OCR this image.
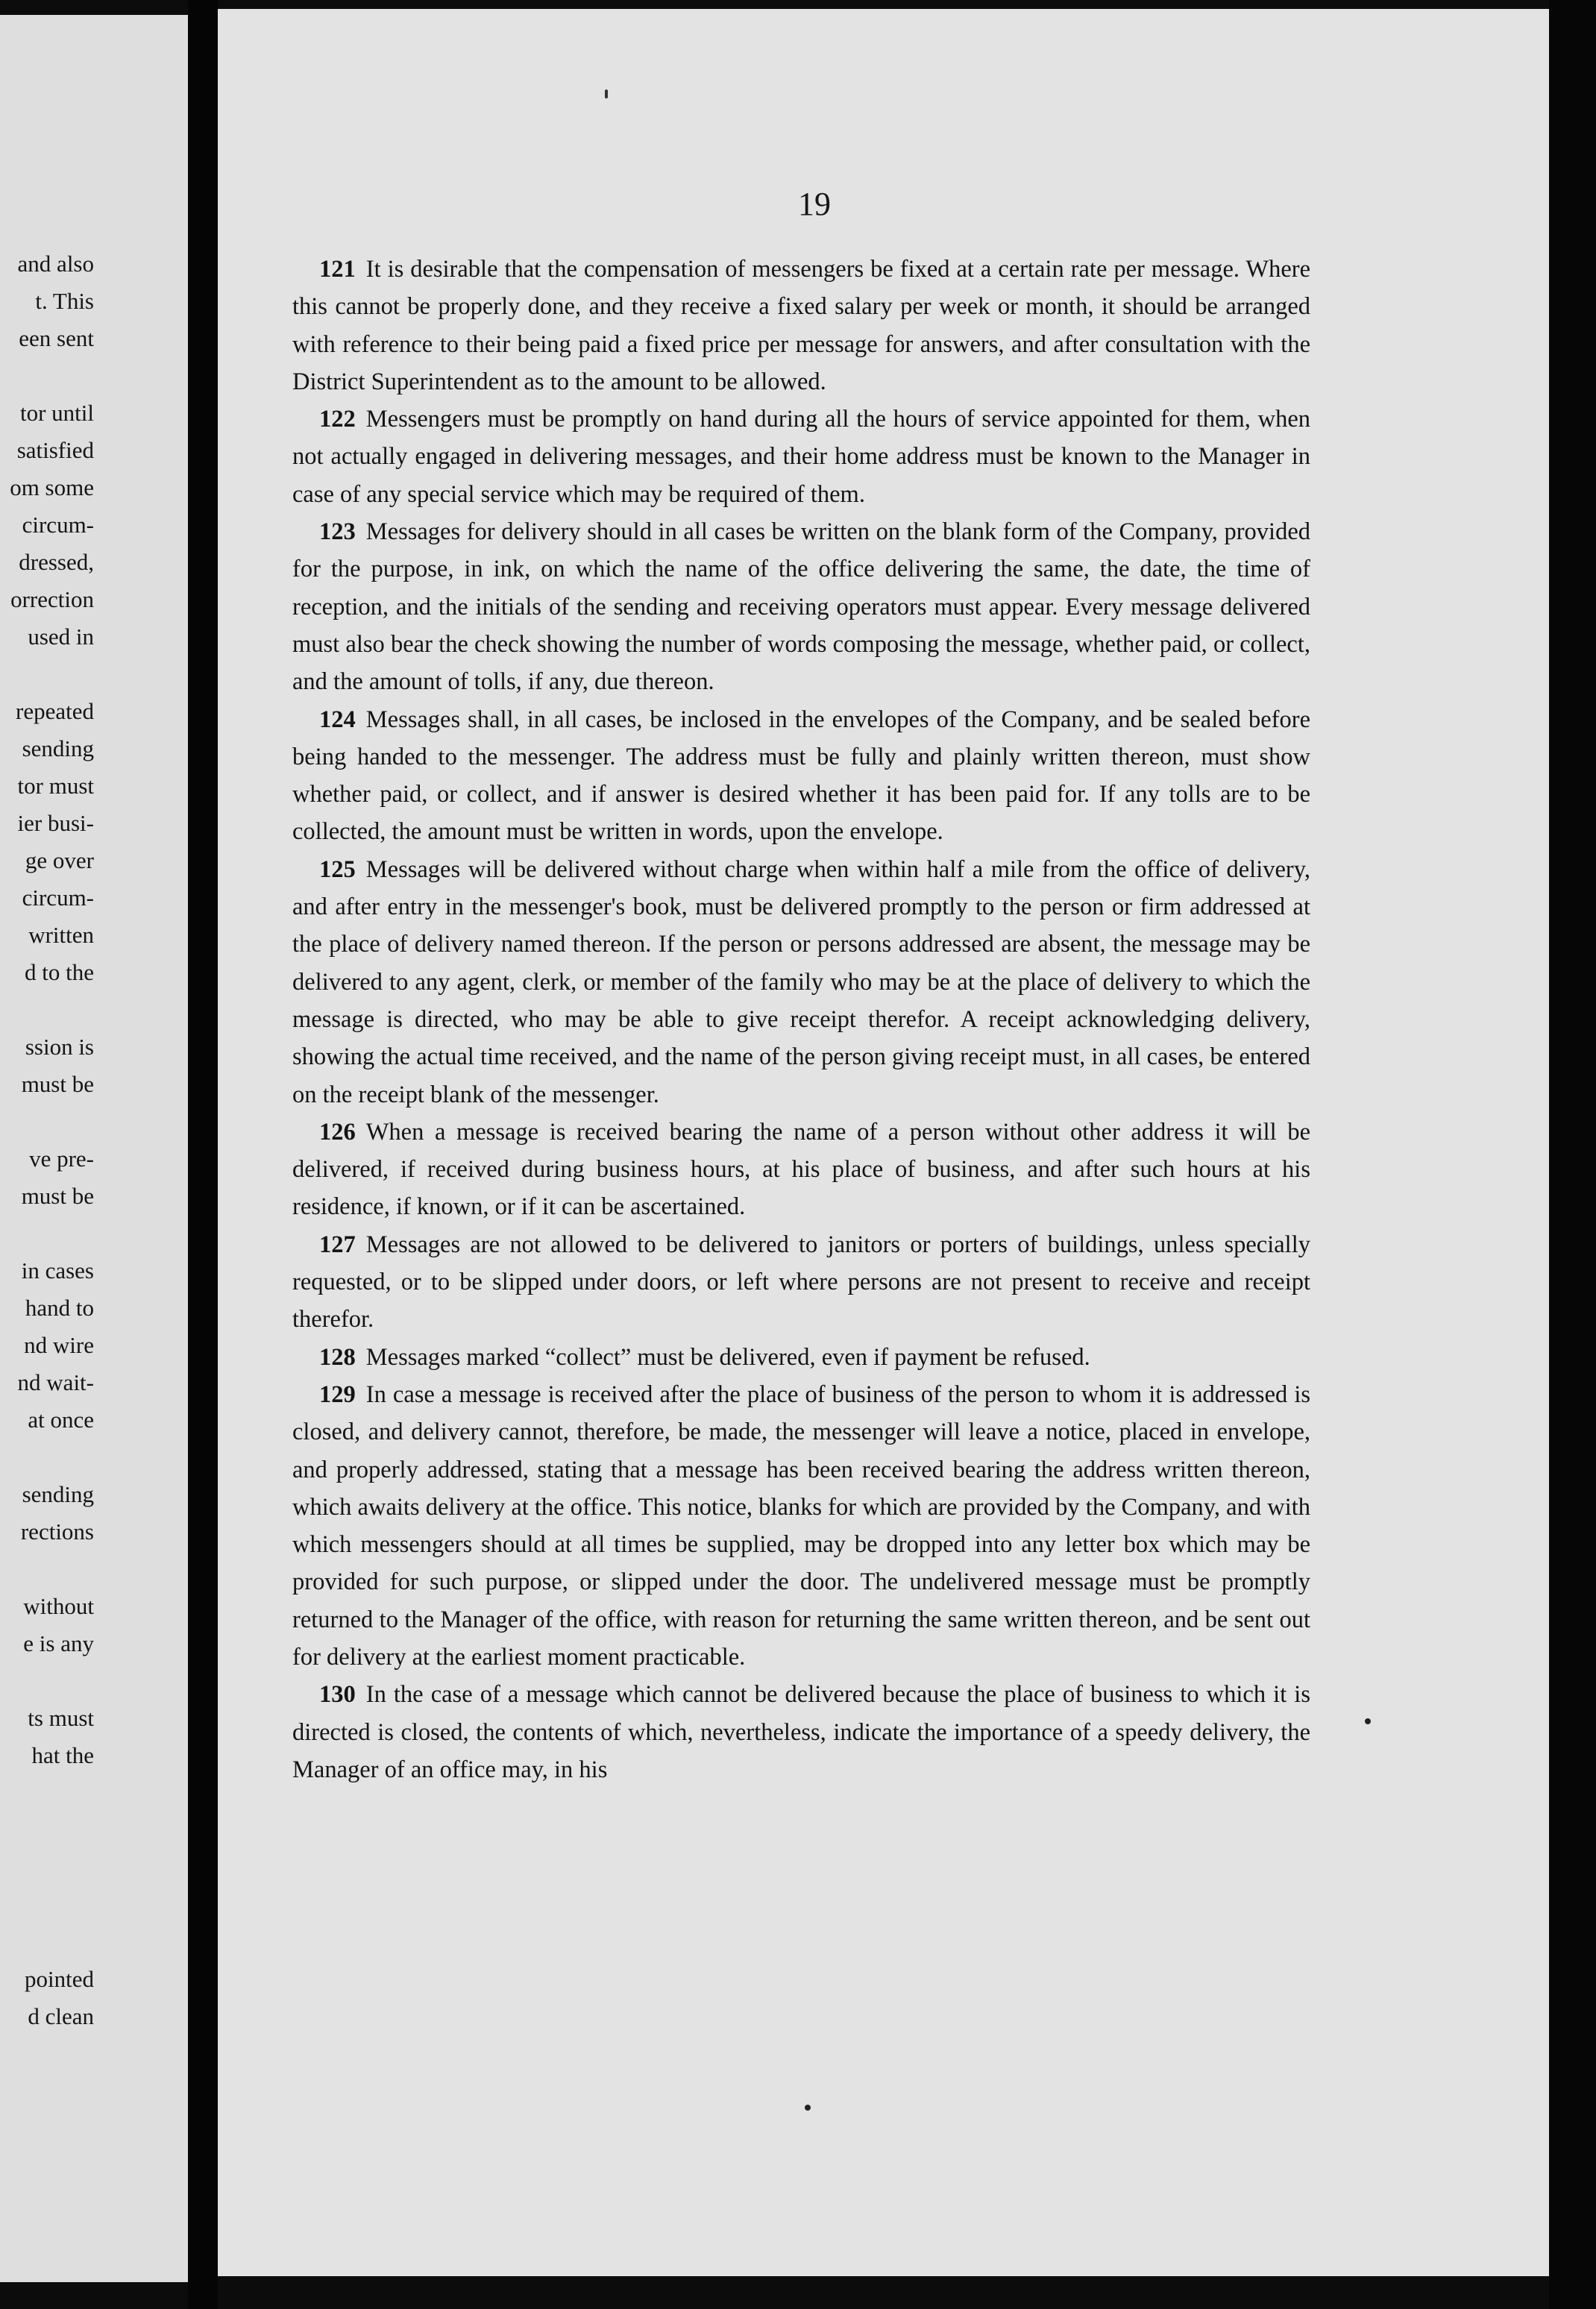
and also
t. This
een sent
tor until
satisfied
om some
circum-
dressed,
orrection
used in
repeated
sending
tor must
ier busi-
ge over
circum-
written
d to the
ssion is
must be
ve pre-
must be
in cases
hand to
nd wire
nd wait-
at once
sending
rections
without
e is any
ts must
hat the
pointed
d clean
19

121 It is desirable that the compensation of messengers be fixed at a certain rate per message. Where this cannot be properly done, and they receive a fixed salary per week or month, it should be arranged with reference to their being paid a fixed price per message for answers, and after consultation with the District Superintendent as to the amount to be allowed.

122 Messengers must be promptly on hand during all the hours of service appointed for them, when not actually engaged in delivering messages, and their home address must be known to the Manager in case of any special service which may be required of them.

123 Messages for delivery should in all cases be written on the blank form of the Company, provided for the purpose, in ink, on which the name of the office delivering the same, the date, the time of reception, and the initials of the sending and receiving operators must appear. Every message delivered must also bear the check showing the number of words composing the message, whether paid, or collect, and the amount of tolls, if any, due thereon.

124 Messages shall, in all cases, be inclosed in the envelopes of the Company, and be sealed before being handed to the messenger. The address must be fully and plainly written thereon, must show whether paid, or collect, and if answer is desired whether it has been paid for. If any tolls are to be collected, the amount must be written in words, upon the envelope.

125 Messages will be delivered without charge when within half a mile from the office of delivery, and after entry in the messenger's book, must be delivered promptly to the person or firm addressed at the place of delivery named thereon. If the person or persons addressed are absent, the message may be delivered to any agent, clerk, or member of the family who may be at the place of delivery to which the message is directed, who may be able to give receipt therefor. A receipt acknowledging delivery, showing the actual time received, and the name of the person giving receipt must, in all cases, be entered on the receipt blank of the messenger.

126 When a message is received bearing the name of a person without other address it will be delivered, if received during business hours, at his place of business, and after such hours at his residence, if known, or if it can be ascertained.

127 Messages are not allowed to be delivered to janitors or porters of buildings, unless specially requested, or to be slipped under doors, or left where persons are not present to receive and receipt therefor.

128 Messages marked “collect” must be delivered, even if payment be refused.

129 In case a message is received after the place of business of the person to whom it is addressed is closed, and delivery cannot, therefore, be made, the messenger will leave a notice, placed in envelope, and properly addressed, stating that a message has been received bearing the address written thereon, which awaits delivery at the office. This notice, blanks for which are provided by the Company, and with which messengers should at all times be supplied, may be dropped into any letter box which may be provided for such purpose, or slipped under the door. The undelivered message must be promptly returned to the Manager of the office, with reason for returning the same written thereon, and be sent out for delivery at the earliest moment practicable.

130 In the case of a message which cannot be delivered because the place of business to which it is directed is closed, the contents of which, nevertheless, indicate the importance of a speedy delivery, the Manager of an office may, in his
